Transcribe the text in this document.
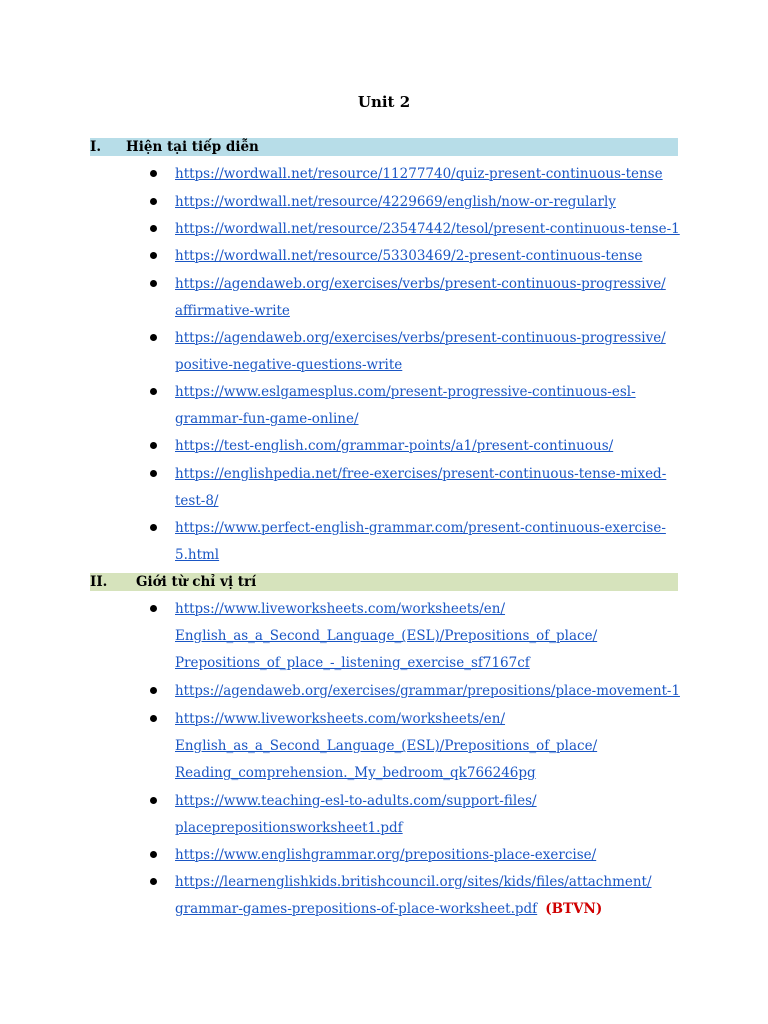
Unit 2
I. Hiện tại tiếp diễn
https://wordwall.net/resource/11277740/quiz-present-continuous-tense
https://wordwall.net/resource/4229669/english/now-or-regularly
https://wordwall.net/resource/23547442/tesol/present-continuous-tense-1
https://wordwall.net/resource/53303469/2-present-continuous-tense
https://agendaweb.org/exercises/verbs/present-continuous-progressive/
affirmative-write
https://agendaweb.org/exercises/verbs/present-continuous-progressive/
positive-negative-questions-write
https://www.eslgamesplus.com/present-progressive-continuous-esl-
grammar-fun-game-online/
https://test-english.com/grammar-points/a1/present-continuous/
https://englishpedia.net/free-exercises/present-continuous-tense-mixed-
test-8/
https://www.perfect-english-grammar.com/present-continuous-exercise-
5.html
II. Giới từ chỉ vị trí
https://www.liveworksheets.com/worksheets/en/
English_as_a_Second_Language_(ESL)/Prepositions_of_place/
Prepositions_of_place_-_listening_exercise_sf7167cf
https://agendaweb.org/exercises/grammar/prepositions/place-movement-1
https://www.liveworksheets.com/worksheets/en/
English_as_a_Second_Language_(ESL)/Prepositions_of_place/
Reading_comprehension._My_bedroom_qk766246pg
https://www.teaching-esl-to-adults.com/support-files/
placeprepositionsworksheet1.pdf
https://www.englishgrammar.org/prepositions-place-exercise/
https://learnenglishkids.britishcouncil.org/sites/kids/files/attachment/
grammar-games-prepositions-of-place-worksheet.pdf (BTVN)
